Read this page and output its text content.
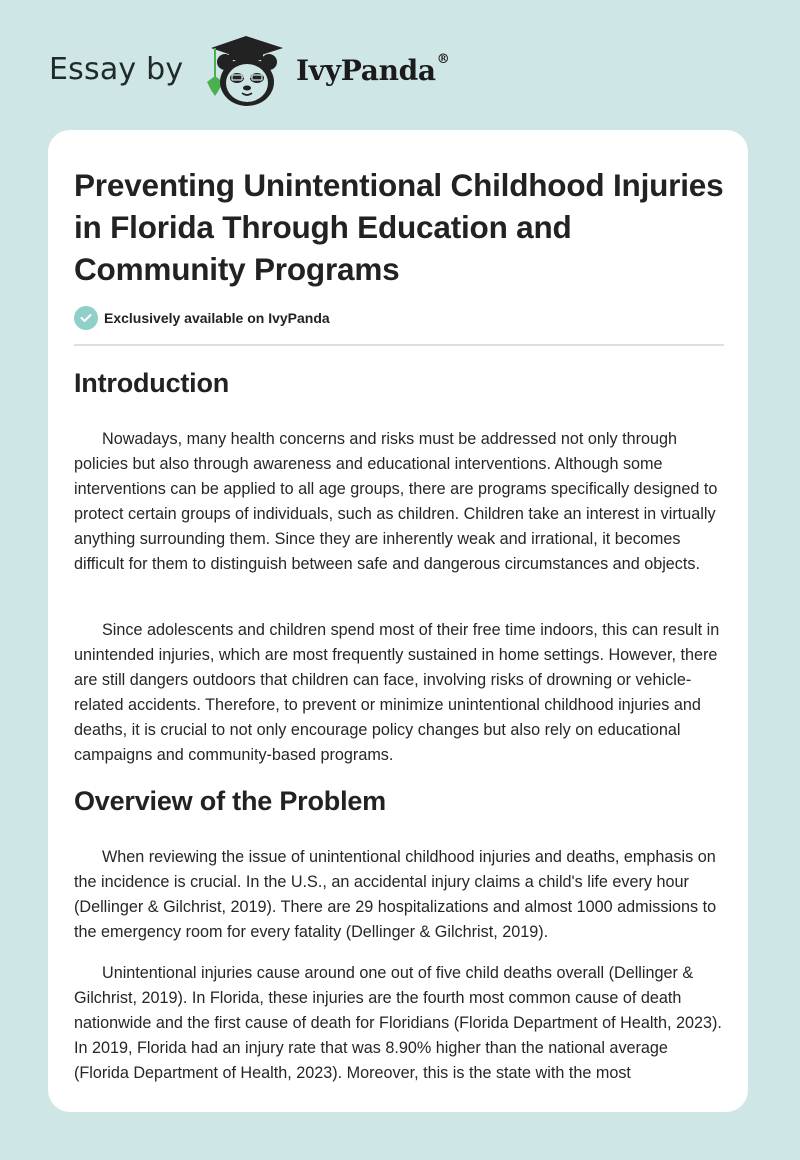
Essay by	IvyPanda®
Preventing Unintentional Childhood Injuries in Florida Through Education and Community Programs
Exclusively available on IvyPanda
Introduction

Nowadays, many health concerns and risks must be addressed not only through policies but also through awareness and educational interventions. Although some interventions can be applied to all age groups, there are programs specifically designed to protect certain groups of individuals, such as children. Children take an interest in virtually anything surrounding them. Since they are inherently weak and irrational, it becomes difficult for them to distinguish between safe and dangerous circumstances and objects.

Since adolescents and children spend most of their free time indoors, this can result in unintended injuries, which are most frequently sustained in home settings. However, there are still dangers outdoors that children can face, involving risks of drowning or vehicle-related accidents. Therefore, to prevent or minimize unintentional childhood injuries and deaths, it is crucial to not only encourage policy changes but also rely on educational campaigns and community-based programs.

Overview of the Problem

When reviewing the issue of unintentional childhood injuries and deaths, emphasis on the incidence is crucial. In the U.S., an accidental injury claims a child's life every hour (Dellinger & Gilchrist, 2019). There are 29 hospitalizations and almost 1000 admissions to the emergency room for every fatality (Dellinger & Gilchrist, 2019).

Unintentional injuries cause around one out of five child deaths overall (Dellinger & Gilchrist, 2019). In Florida, these injuries are the fourth most common cause of death nationwide and the first cause of death for Floridians (Florida Department of Health, 2023). In 2019, Florida had an injury rate that was 8.90% higher than the national average (Florida Department of Health, 2023). Moreover, this is the state with the most
